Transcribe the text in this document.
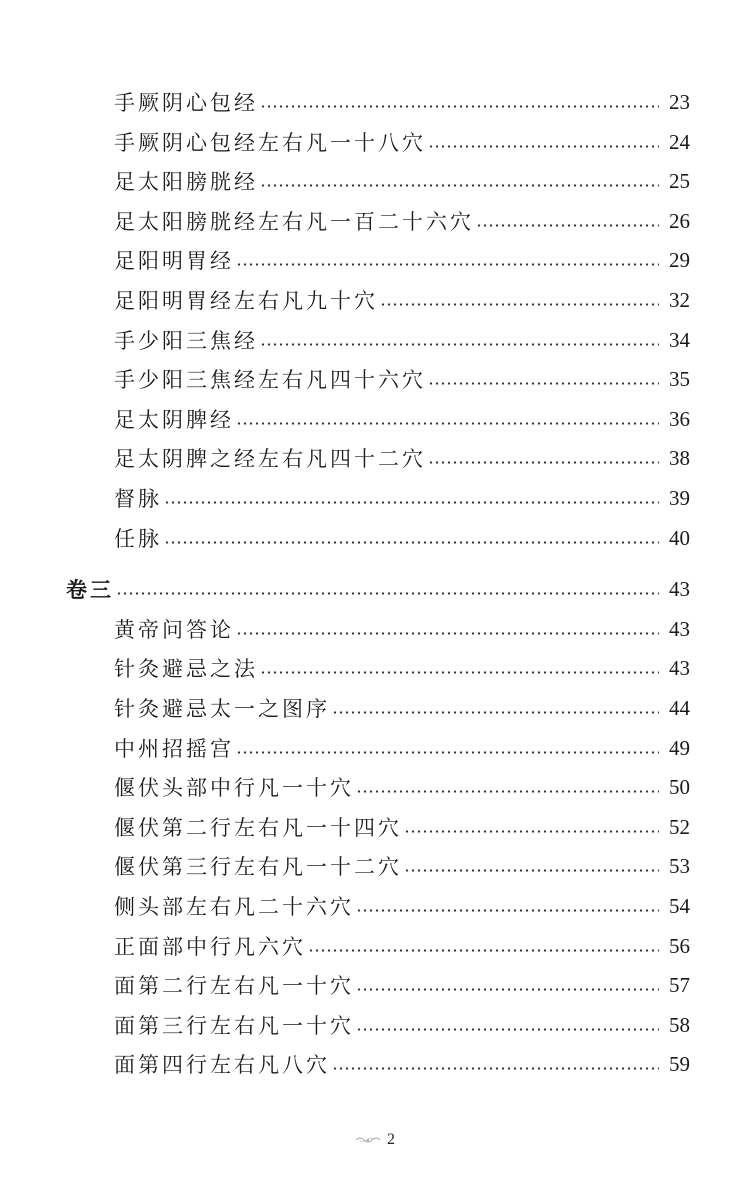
手厥阴心包经	23
手厥阴心包经左右凡一十八穴	24
足太阳膀胱经	25
足太阳膀胱经左右凡一百二十六穴	26
足阳明胃经	29
足阳明胃经左右凡九十穴	32
手少阳三焦经	34
手少阳三焦经左右凡四十六穴	35
足太阴脾经	36
足太阴脾之经左右凡四十二穴	38
督脉	39
任脉	40
卷三	43
黄帝问答论	43
针灸避忌之法	43
针灸避忌太一之图序	44
中州招摇宫	49
偃伏头部中行凡一十穴	50
偃伏第二行左右凡一十四穴	52
偃伏第三行左右凡一十二穴	53
侧头部左右凡二十六穴	54
正面部中行凡六穴	56
面第二行左右凡一十穴	57
面第三行左右凡一十穴	58
面第四行左右凡八穴	59
2
